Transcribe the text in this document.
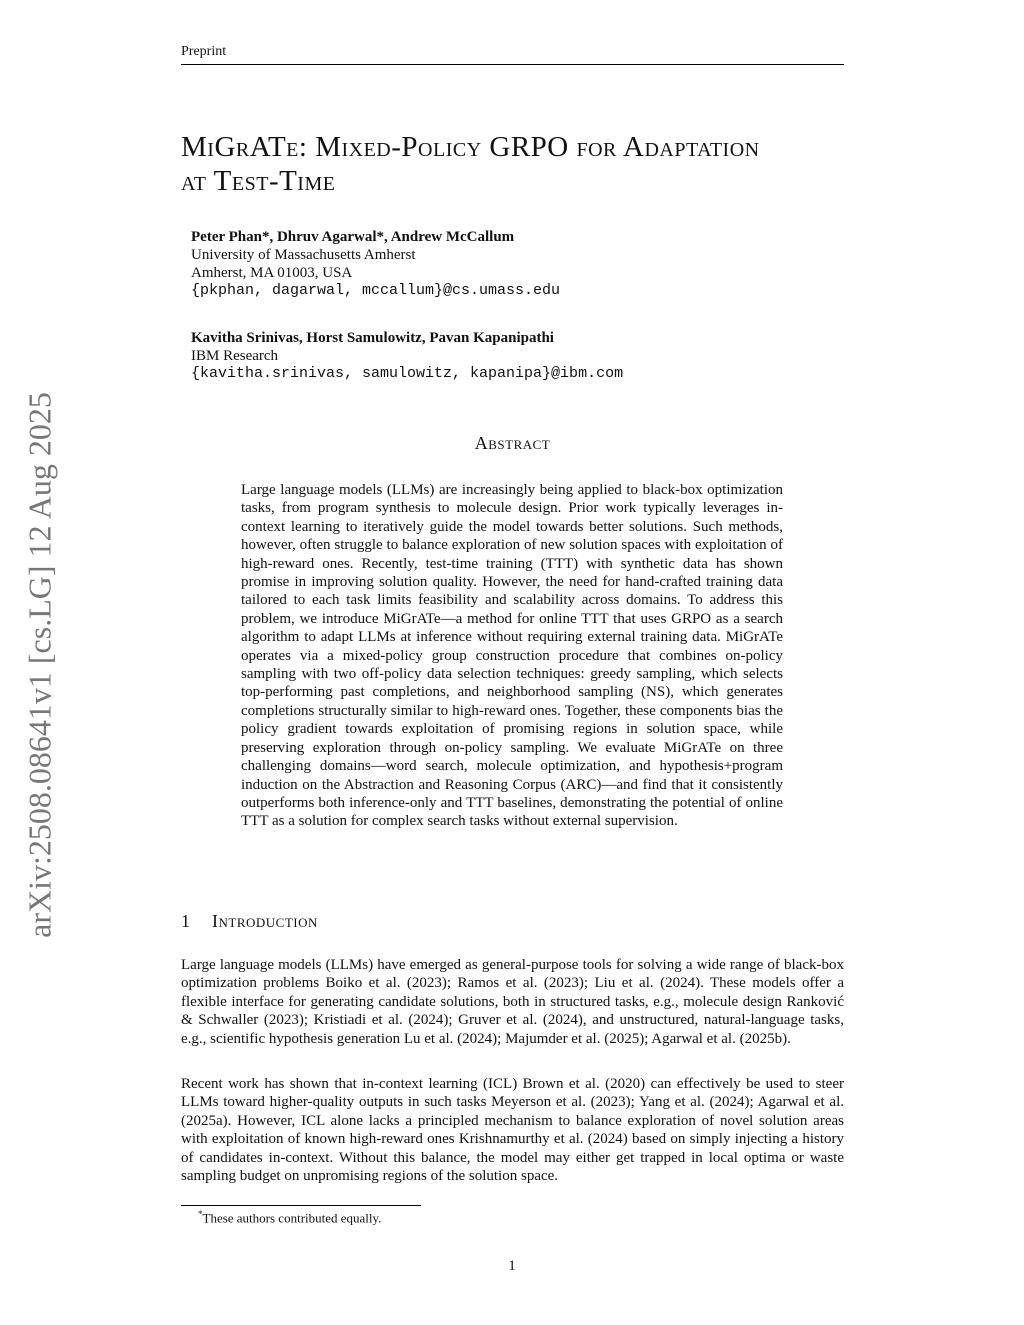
Preprint
arXiv:2508.08641v1 [cs.LG] 12 Aug 2025
MiGrATe: Mixed-Policy GRPO for Adaptation
at Test-Time
Peter Phan*, Dhruv Agarwal*, Andrew McCallum
University of Massachusetts Amherst
Amherst, MA 01003, USA
{pkphan, dagarwal, mccallum}@cs.umass.edu
Kavitha Srinivas, Horst Samulowitz, Pavan Kapanipathi
IBM Research
{kavitha.srinivas, samulowitz, kapanipa}@ibm.com
Abstract
Large language models (LLMs) are increasingly being applied to black-box optimization tasks, from program synthesis to molecule design. Prior work typically leverages in-context learning to iteratively guide the model towards better solutions. Such methods, however, often struggle to balance exploration of new solution spaces with exploitation of high-reward ones. Recently, test-time training (TTT) with synthetic data has shown promise in improving solution quality. However, the need for hand-crafted training data tailored to each task limits feasibility and scalability across domains. To address this problem, we introduce MiGrATe—a method for online TTT that uses GRPO as a search algorithm to adapt LLMs at inference without requiring external training data. MiGrATe operates via a mixed-policy group construction procedure that combines on-policy sampling with two off-policy data selection techniques: greedy sampling, which selects top-performing past completions, and neighborhood sampling (NS), which generates completions structurally similar to high-reward ones. Together, these components bias the policy gradient towards exploitation of promising regions in solution space, while preserving exploration through on-policy sampling. We evaluate MiGrATe on three challenging domains—word search, molecule optimization, and hypothesis+program induction on the Abstraction and Reasoning Corpus (ARC)—and find that it consistently outperforms both inference-only and TTT baselines, demonstrating the potential of online TTT as a solution for complex search tasks without external supervision.
1 Introduction
Large language models (LLMs) have emerged as general-purpose tools for solving a wide range of black-box optimization problems Boiko et al. (2023); Ramos et al. (2023); Liu et al. (2024). These models offer a flexible interface for generating candidate solutions, both in structured tasks, e.g., molecule design Ranković & Schwaller (2023); Kristiadi et al. (2024); Gruver et al. (2024), and unstructured, natural-language tasks, e.g., scientific hypothesis generation Lu et al. (2024); Majumder et al. (2025); Agarwal et al. (2025b).
Recent work has shown that in-context learning (ICL) Brown et al. (2020) can effectively be used to steer LLMs toward higher-quality outputs in such tasks Meyerson et al. (2023); Yang et al. (2024); Agarwal et al. (2025a). However, ICL alone lacks a principled mechanism to balance exploration of novel solution areas with exploitation of known high-reward ones Krishnamurthy et al. (2024) based on simply injecting a history of candidates in-context. Without this balance, the model may either get trapped in local optima or waste sampling budget on unpromising regions of the solution space.
*These authors contributed equally.
1
